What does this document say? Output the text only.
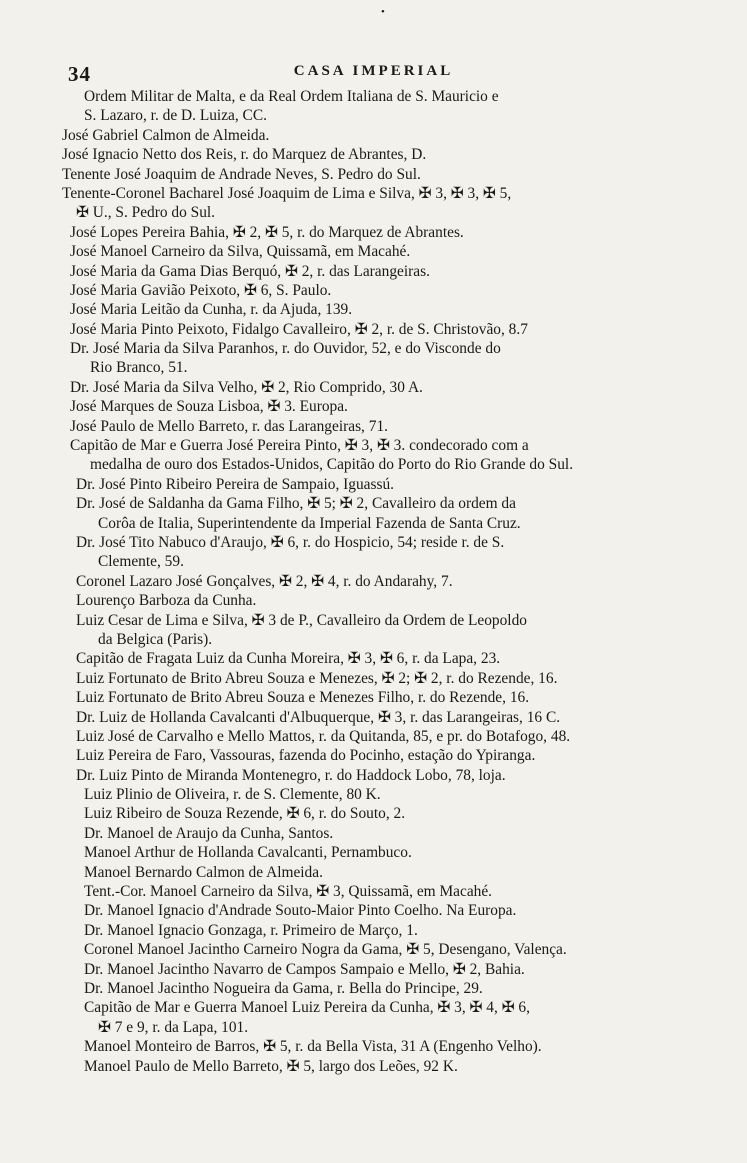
•
34	CASA IMPERIAL
Ordem Militar de Malta, e da Real Ordem Italiana de S. Mauricio e
S. Lazaro, r. de D. Luiza, CC.
José Gabriel Calmon de Almeida.
José Ignacio Netto dos Reis, r. do Marquez de Abrantes, D.
Tenente José Joaquim de Andrade Neves, S. Pedro do Sul.
Tenente-Coronel Bacharel José Joaquim de Lima e Silva, ✠ 3, ✠ 3, ✠ 5,
✠ U., S. Pedro do Sul.
José Lopes Pereira Bahia, ✠ 2, ✠ 5, r. do Marquez de Abrantes.
José Manoel Carneiro da Silva, Quissamã, em Macahé.
José Maria da Gama Dias Berquó, ✠ 2, r. das Larangeiras.
José Maria Gavião Peixoto, ✠ 6, S. Paulo.
José Maria Leitão da Cunha, r. da Ajuda, 139.
José Maria Pinto Peixoto, Fidalgo Cavalleiro, ✠ 2, r. de S. Christovão, 8.7
Dr. José Maria da Silva Paranhos, r. do Ouvidor, 52, e do Visconde do
Rio Branco, 51.
Dr. José Maria da Silva Velho, ✠ 2, Rio Comprido, 30 A.
José Marques de Souza Lisboa, ✠ 3. Europa.
José Paulo de Mello Barreto, r. das Larangeiras, 71.
Capitão de Mar e Guerra José Pereira Pinto, ✠ 3, ✠ 3. condecorado com a
medalha de ouro dos Estados-Unidos, Capitão do Porto do Rio Grande do Sul.
Dr. José Pinto Ribeiro Pereira de Sampaio, Iguassú.
Dr. José de Saldanha da Gama Filho, ✠ 5; ✠ 2, Cavalleiro da ordem da
Corôa de Italia, Superintendente da Imperial Fazenda de Santa Cruz.
Dr. José Tito Nabuco d'Araujo, ✠ 6, r. do Hospicio, 54; reside r. de S.
Clemente, 59.
Coronel Lazaro José Gonçalves, ✠ 2, ✠ 4, r. do Andarahy, 7.
Lourenço Barboza da Cunha.
Luiz Cesar de Lima e Silva, ✠ 3 de P., Cavalleiro da Ordem de Leopoldo
da Belgica (Paris).
Capitão de Fragata Luiz da Cunha Moreira, ✠ 3, ✠ 6, r. da Lapa, 23.
Luiz Fortunato de Brito Abreu Souza e Menezes, ✠ 2; ✠ 2, r. do Rezende, 16.
Luiz Fortunato de Brito Abreu Souza e Menezes Filho, r. do Rezende, 16.
Dr. Luiz de Hollanda Cavalcanti d'Albuquerque, ✠ 3, r. das Larangeiras, 16 C.
Luiz José de Carvalho e Mello Mattos, r. da Quitanda, 85, e pr. do Botafogo, 48.
Luiz Pereira de Faro, Vassouras, fazenda do Pocinho, estação do Ypiranga.
Dr. Luiz Pinto de Miranda Montenegro, r. do Haddock Lobo, 78, loja.
Luiz Plinio de Oliveira, r. de S. Clemente, 80 K.
Luiz Ribeiro de Souza Rezende, ✠ 6, r. do Souto, 2.
Dr. Manoel de Araujo da Cunha, Santos.
Manoel Arthur de Hollanda Cavalcanti, Pernambuco.
Manoel Bernardo Calmon de Almeida.
Tent.-Cor. Manoel Carneiro da Silva, ✠ 3, Quissamã, em Macahé.
Dr. Manoel Ignacio d'Andrade Souto-Maior Pinto Coelho. Na Europa.
Dr. Manoel Ignacio Gonzaga, r. Primeiro de Março, 1.
Coronel Manoel Jacintho Carneiro Nogra da Gama, ✠ 5, Desengano, Valença.
Dr. Manoel Jacintho Navarro de Campos Sampaio e Mello, ✠ 2, Bahia.
Dr. Manoel Jacintho Nogueira da Gama, r. Bella do Principe, 29.
Capitão de Mar e Guerra Manoel Luiz Pereira da Cunha, ✠ 3, ✠ 4, ✠ 6,
✠ 7 e 9, r. da Lapa, 101.
Manoel Monteiro de Barros, ✠ 5, r. da Bella Vista, 31 A (Engenho Velho).
Manoel Paulo de Mello Barreto, ✠ 5, largo dos Leões, 92 K.
